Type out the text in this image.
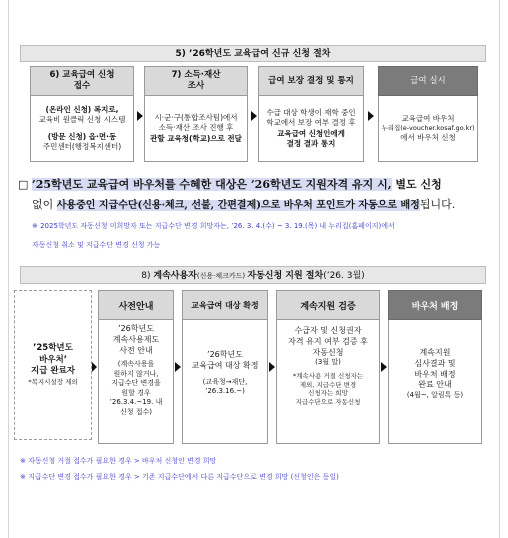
5) ’26학년도 교육급여 신규 신청 절차
6) 교육급여 신청
접수
7) 소득·재산
조사
급여 보장 결정 및 통지	급여 실시
(온라인 신청) 복지로,
교육비 원클릭 신청 시스템
(방문 신청) 읍·면·동
주민센터(행정복지센터)
시·군·구(통합조사팀)에서
소득·재산 조사 진행 후
관할 교육청(학교)으로 전달
수급 대상 학생이 재학 중인
학교에서 보장 여부 결정 후
교육급여 신청인에게
결정 결과 통지
교육급여 바우처
누리집(e-voucher.kosaf.go.kr)
에서 바우처 신청
□ ’25학년도 교육급여 바우처를 수혜한 대상은 ’26학년도 지원자격 유지 시, 별도 신청
없이 사용중인 지급수단(신용·체크, 선불, 간편결제)으로 바우처 포인트가 자동으로 배정됩니다.
※ 2025학년도 자동신청 미희망자 또는 지급수단 변경 희망자는, ’26. 3. 4.(수) ~ 3. 19.(목) 내 누리집(홈페이지)에서
자동신청 취소 및 지급수단 변경 신청 가능
8) 계속사용자(신용·체크카드) 자동신청 지원 절차(’26. 3월)
’25학년도
바우처’
지급 완료자
*복지시설장 제외
사전안내	교육급여 대상 확정	계속지원 검증	바우처 배정
’26학년도
계속사용제도
사전 안내
(계속사용을
원하지 않거나,
지급수단 변경을
원할 경우
’26.3.4.~19. 내
신청 접수)
’26학년도
교육급여 대상 확정
(교육청→재단,
’26.3.16.~)
수급자 및 신청권자
자격 유지 여부 검증 후
자동신청
(3월 말)
*계속사용 거절 신청자는
제외, 지급수단 변경
신청자는 희망
지급수단으로 자동신청
계속지원
심사결과 및
바우처 배정
완료 안내
(4월~, 알림톡 등)
※ 자동신청 거절 접수가 필요한 경우 > 바우처 신청인 변경 희망
※ 지급수단 변경 접수가 필요한 경우 > 기존 지급수단에서 다른 지급수단으로 변경 희망 (신청인은 동일)
